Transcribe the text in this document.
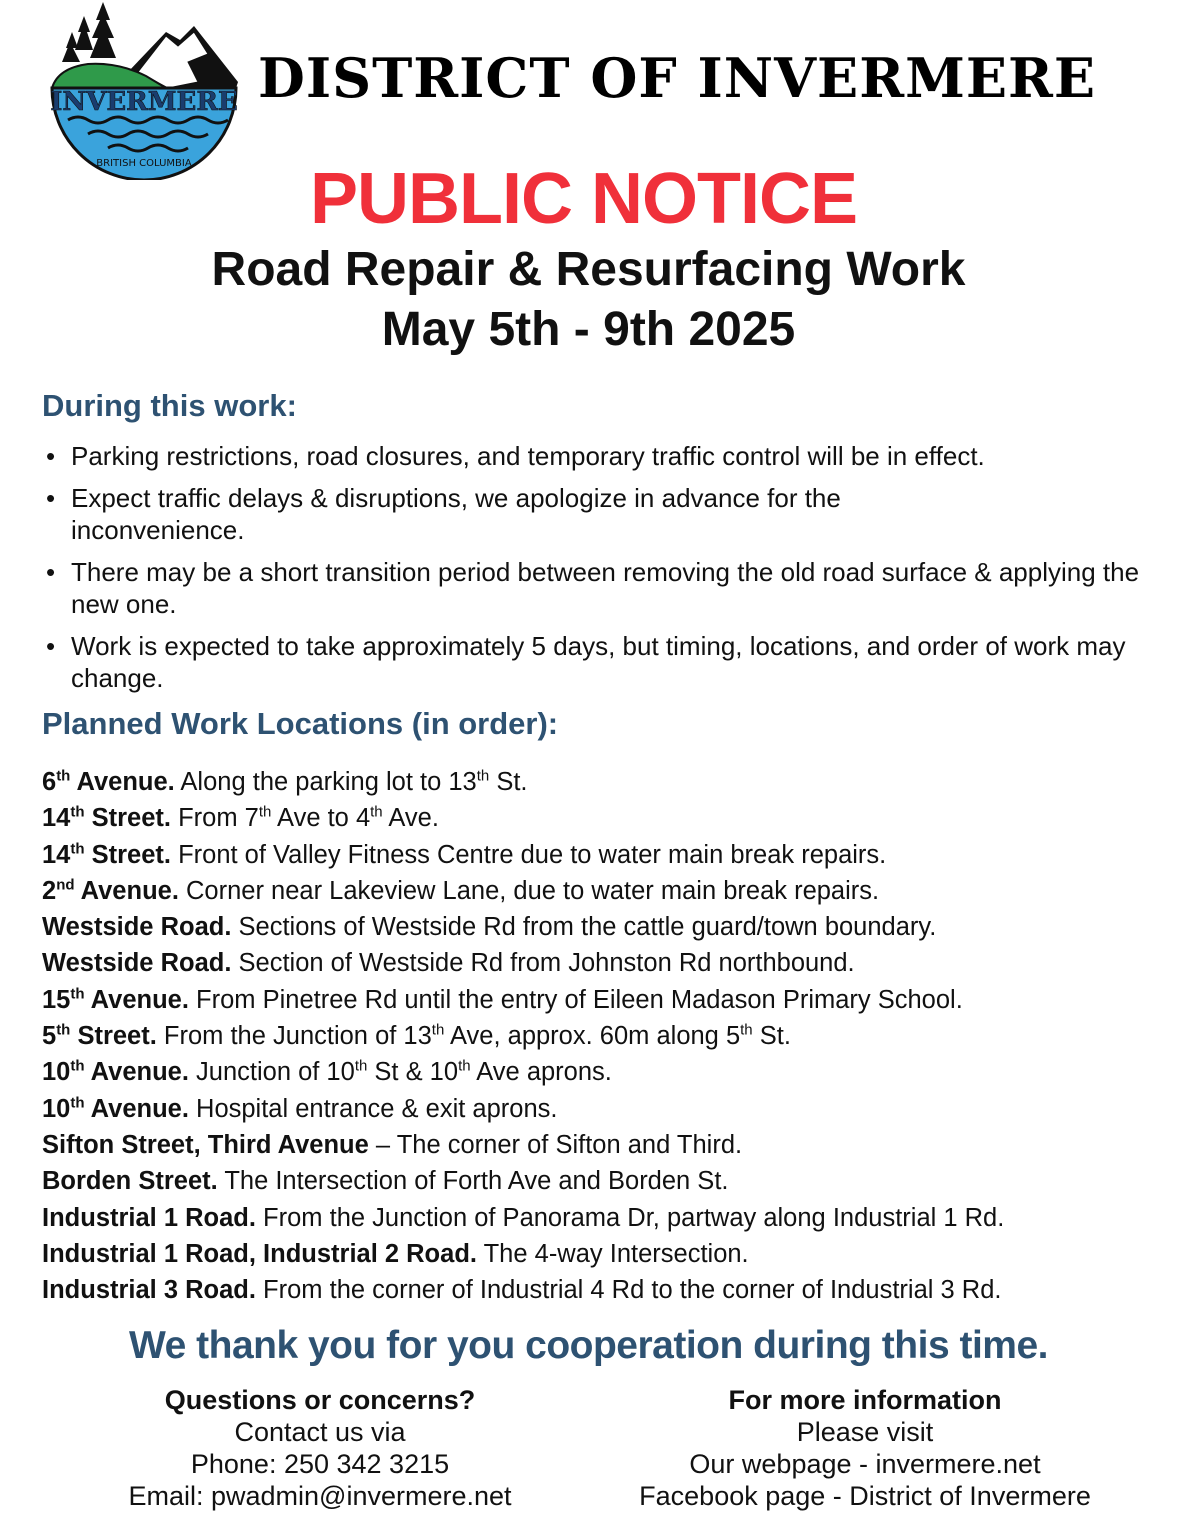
INVERMERE
BRITISH COLUMBIA
DISTRICT OF INVERMERE
PUBLIC NOTICE
Road Repair & Resurfacing Work
May 5th - 9th 2025
During this work:
• Parking restrictions, road closures, and temporary traffic control will be in effect.
• Expect traffic delays & disruptions, we apologize in advance for the inconvenience.
• There may be a short transition period between removing the old road surface & applying the new one.
• Work is expected to take approximately 5 days, but timing, locations, and order of work may change.
Planned Work Locations (in order):
6th Avenue. Along the parking lot to 13th St.
14th Street. From 7th Ave to 4th Ave.
14th Street. Front of Valley Fitness Centre due to water main break repairs.
2nd Avenue. Corner near Lakeview Lane, due to water main break repairs.
Westside Road. Sections of Westside Rd from the cattle guard/town boundary.
Westside Road. Section of Westside Rd from Johnston Rd northbound.
15th Avenue. From Pinetree Rd until the entry of Eileen Madason Primary School.
5th Street. From the Junction of 13th Ave, approx. 60m along 5th St.
10th Avenue. Junction of 10th St & 10th Ave aprons.
10th Avenue. Hospital entrance & exit aprons.
Sifton Street, Third Avenue – The corner of Sifton and Third.
Borden Street. The Intersection of Forth Ave and Borden St.
Industrial 1 Road. From the Junction of Panorama Dr, partway along Industrial 1 Rd.
Industrial 1 Road, Industrial 2 Road. The 4-way Intersection.
Industrial 3 Road. From the corner of Industrial 4 Rd to the corner of Industrial 3 Rd.
We thank you for you cooperation during this time.
Questions or concerns?
Contact us via
Phone: 250 342 3215
Email: pwadmin@invermere.net
For more information
Please visit
Our webpage - invermere.net
Facebook page - District of Invermere
